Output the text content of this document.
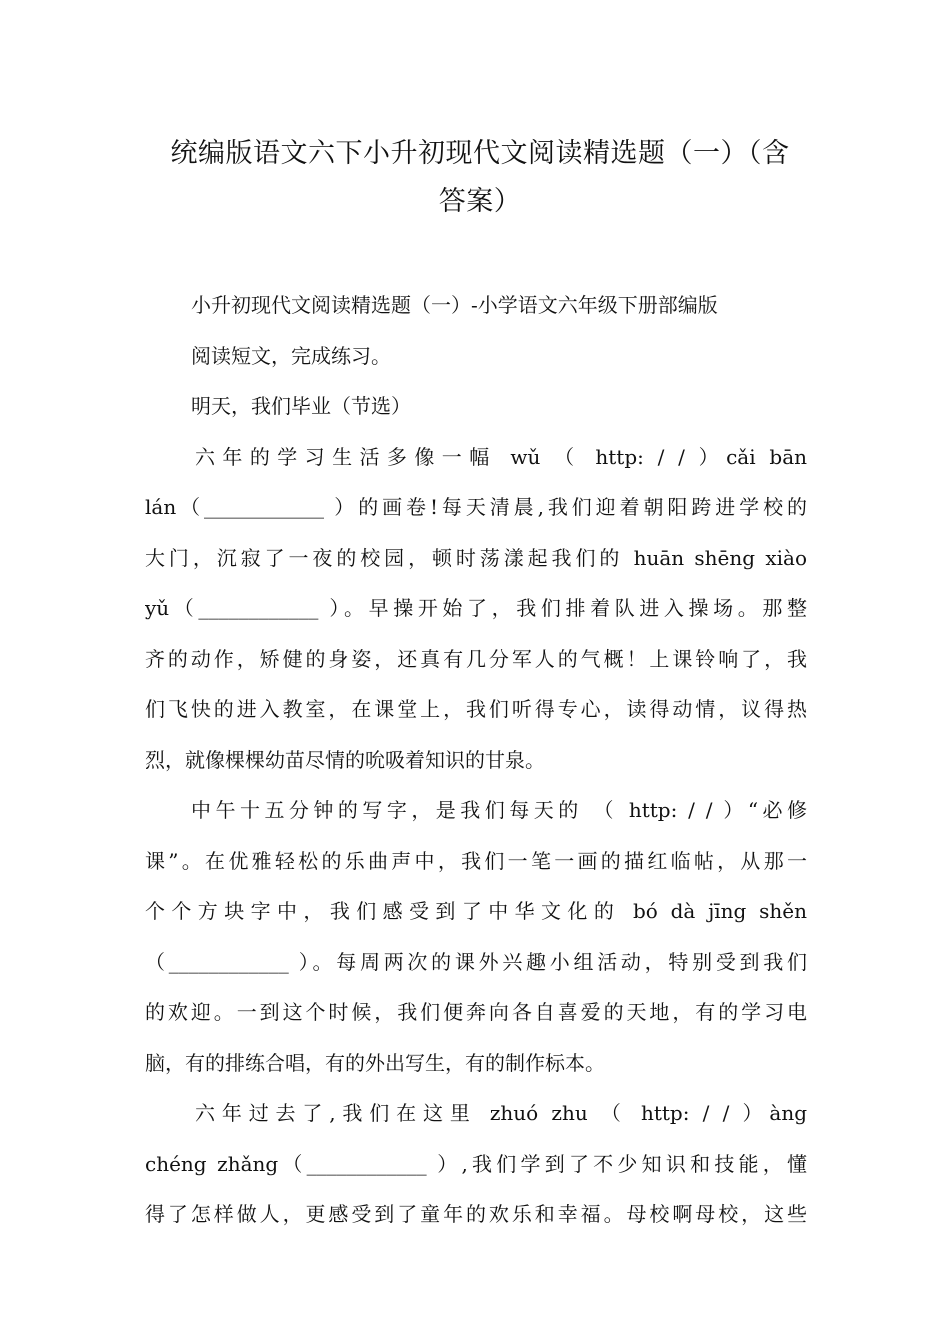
统编版语文六下小升初现代文阅读精选题（一）（含
答案）
小升初现代文阅读精选题（一）-小学语文六年级下册部编版
阅读短文，完成练习。
明天，我们毕业（节选）
六年的学习生活多像一幅 wǔ （ http: / / ）cǎi bān
lán（____________ ）的画卷!每天清晨,我们迎着朝阳跨进学校的
大门，沉寂了一夜的校园，顿时荡漾起我们的 huān shēng xiào
yǔ（____________ ）。早操开始了，我们排着队进入操场。那整
齐的动作，矫健的身姿，还真有几分军人的气概！上课铃响了，我
们飞快的进入教室，在课堂上，我们听得专心，读得动情，议得热
烈，就像棵棵幼苗尽情的吮吸着知识的甘泉。
中午十五分钟的写字，是我们每天的 （ http: / / ）“必修
课”。在优雅轻松的乐曲声中，我们一笔一画的描红临帖，从那一
个个方块字中，我们感受到了中华文化的 bó dà jīng shěn
（____________ ）。每周两次的课外兴趣小组活动，特别受到我们
的欢迎。一到这个时候，我们便奔向各自喜爱的天地，有的学习电
脑，有的排练合唱，有的外出写生，有的制作标本。
六年过去了,我们在这里 zhuó zhu （ http: / / ）àng
chéng zhǎng（____________ ）,我们学到了不少知识和技能，懂
得了怎样做人，更感受到了童年的欢乐和幸福。母校啊母校，这些
